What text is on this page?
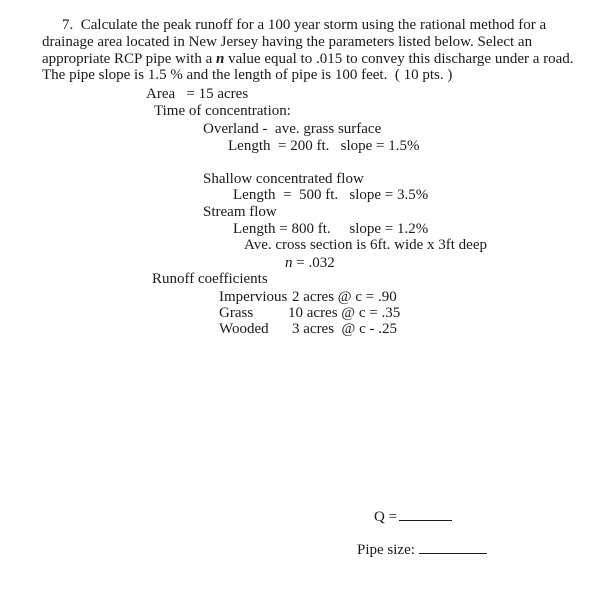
7. Calculate the peak runoff for a 100 year storm using the rational method for a
drainage area located in New Jersey having the parameters listed below. Select an
appropriate RCP pipe with a n value equal to .015 to convey this discharge under a road.
The pipe slope is 1.5 % and the length of pipe is 100 feet.  ( 10 pts. )
Area   = 15 acres
Time of concentration:
Overland -  ave. grass surface
Length  = 200 ft.   slope = 1.5%
Shallow concentrated flow
Length  =  500 ft.   slope = 3.5%
Stream flow
Length = 800 ft.     slope = 1.2%
Ave. cross section is 6ft. wide x 3ft deep
n = .032
Runoff coefficients
Impervious 2 acres @ c = .90
Grass 10 acres @ c = .35
Wooded 3 acres  @ c - .25
Q =
Pipe size:
